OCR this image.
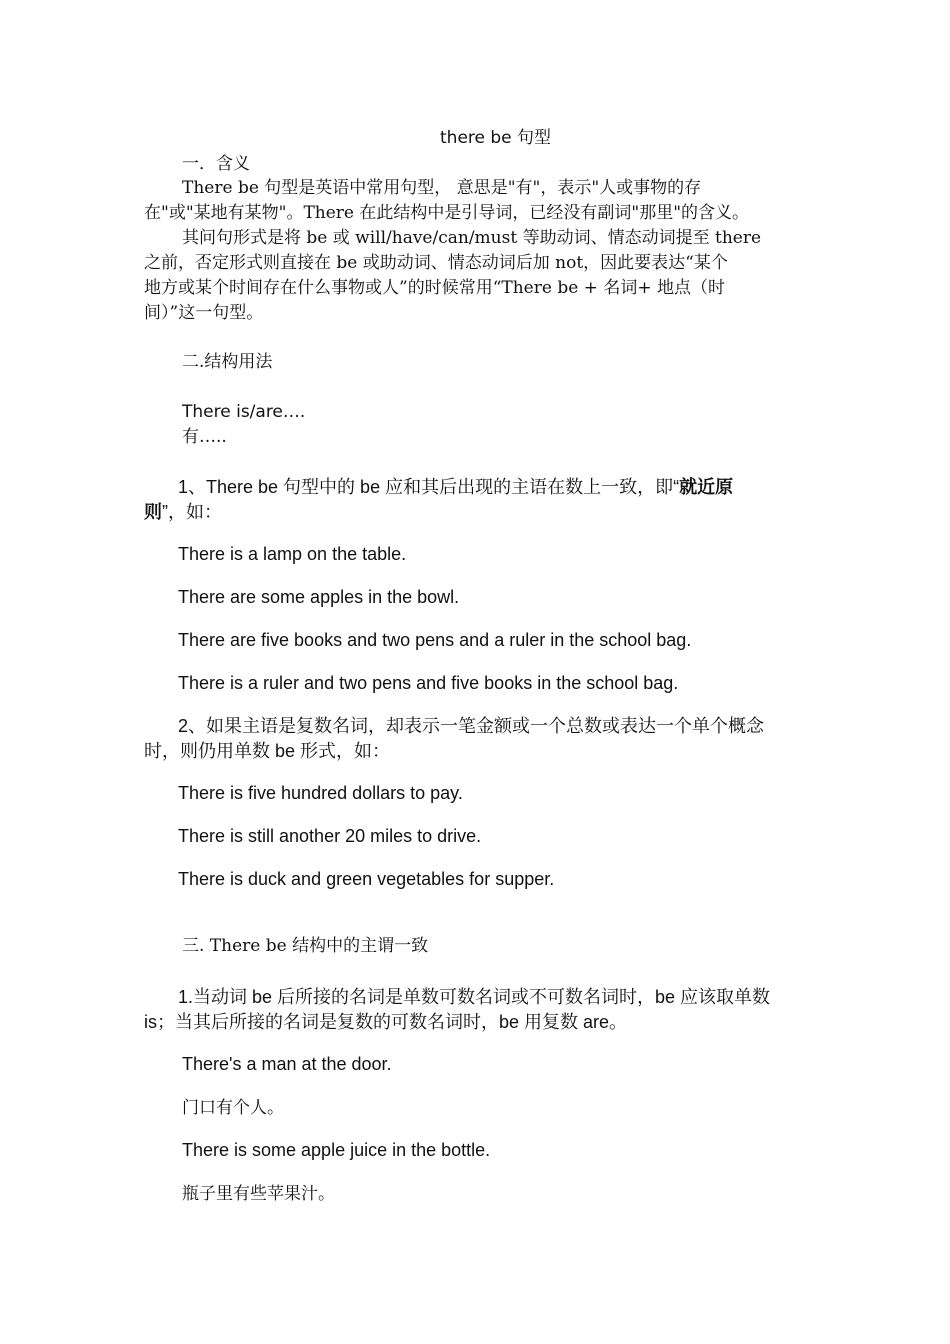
there be 句型
一．含义
There be 句型是英语中常用句型， 意思是"有"，表示"人或事物的存
在"或"某地有某物"。There 在此结构中是引导词，已经没有副词"那里"的含义。
其问句形式是将 be 或 will/have/can/must 等助动词、情态动词提至 there
之前，否定形式则直接在 be 或助动词、情态动词后加 not，因此要表达“某个
地方或某个时间存在什么事物或人”的时候常用“There be + 名词+ 地点（时
间）”这一句型。
二.结构用法
There is/are….
有…..
1、There be 句型中的 be 应和其后出现的主语在数上一致，即“就近原
则”，如：
There is a lamp on the table.
There are some apples in the bowl.
There are five books and two pens and a ruler in the school bag.
There is a ruler and two pens and five books in the school bag.
2、如果主语是复数名词，却表示一笔金额或一个总数或表达一个单个概念
时，则仍用单数 be 形式，如：
There is five hundred dollars to pay.
There is still another 20 miles to drive.
There is duck and green vegetables for supper.
三. There be 结构中的主谓一致
1.当动词 be 后所接的名词是单数可数名词或不可数名词时，be 应该取单数
is；当其后所接的名词是复数的可数名词时，be 用复数 are。
There's a man at the door.
门口有个人。
There is some apple juice in the bottle.
瓶子里有些苹果汁。
